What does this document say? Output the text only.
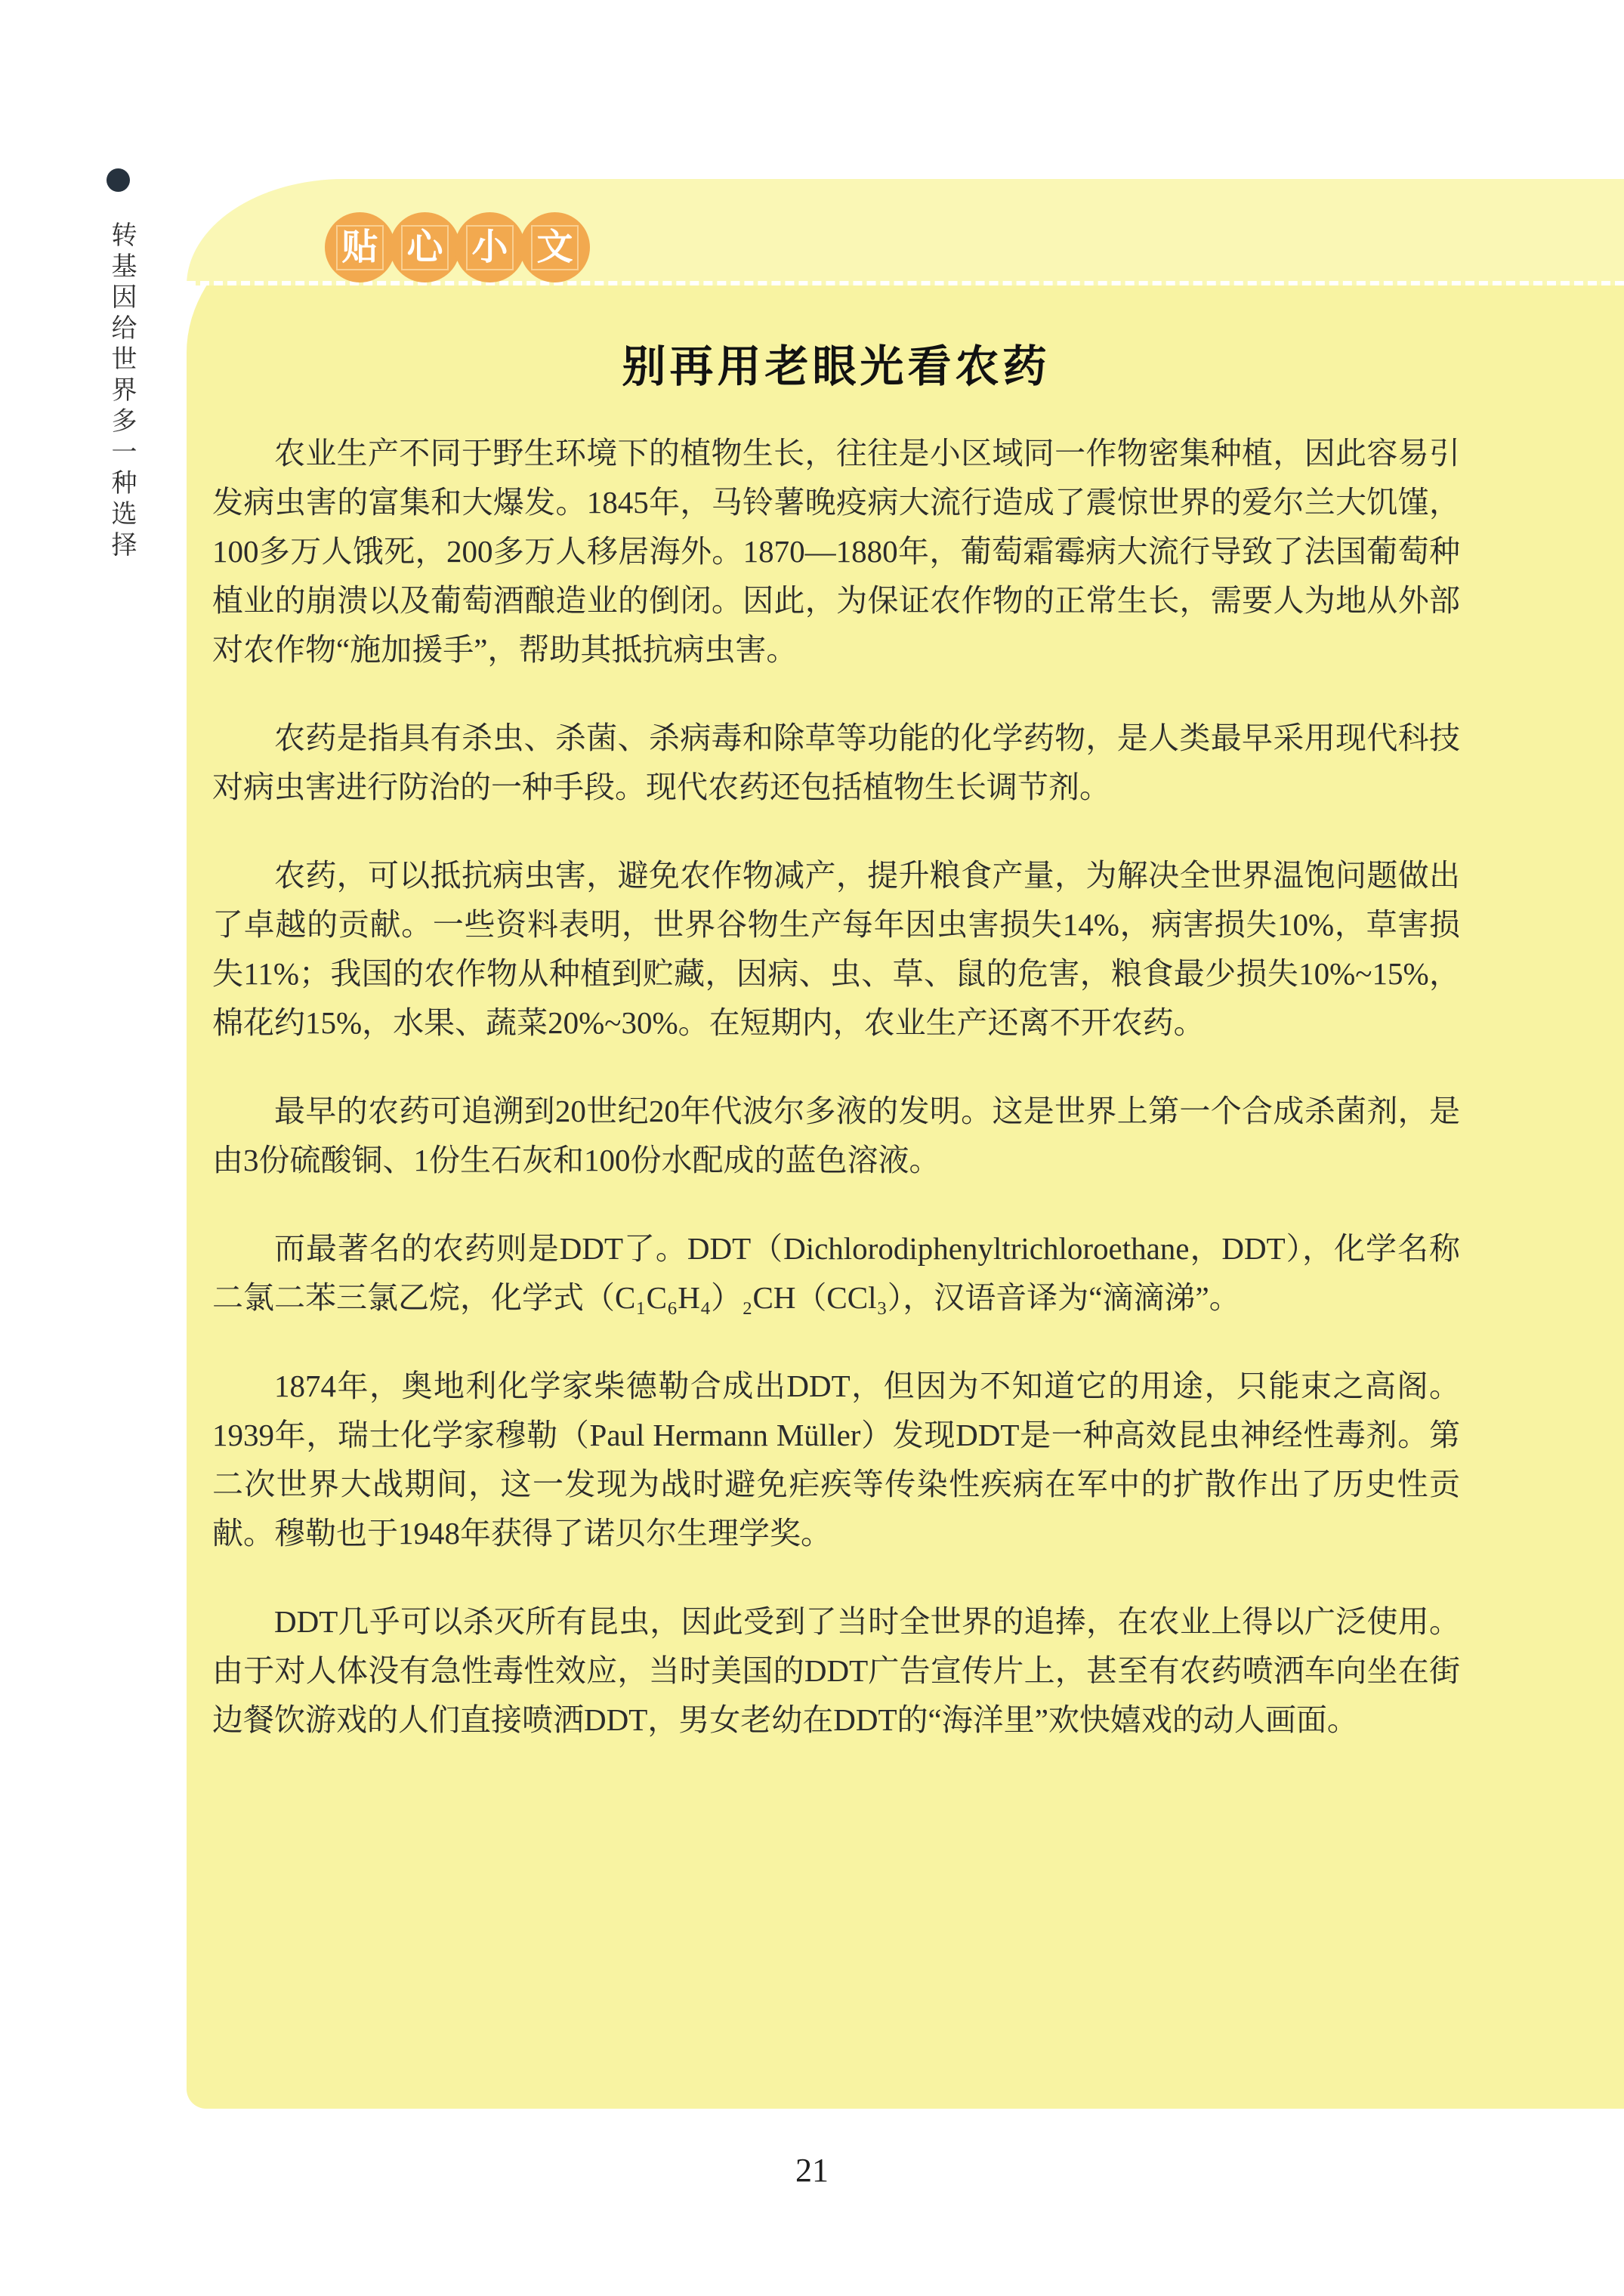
转基因给世界多一种选择	贴 心 小 文
别再用老眼光看农药

农业生产不同于野生环境下的植物生长，往往是小区域同一作物密集种植，因此容易引发病虫害的富集和大爆发。1845年，马铃薯晚疫病大流行造成了震惊世界的爱尔兰大饥馑，100多万人饿死，200多万人移居海外。1870—1880年，葡萄霜霉病大流行导致了法国葡萄种植业的崩溃以及葡萄酒酿造业的倒闭。因此，为保证农作物的正常生长，需要人为地从外部对农作物“施加援手”，帮助其抵抗病虫害。

农药是指具有杀虫、杀菌、杀病毒和除草等功能的化学药物，是人类最早采用现代科技对病虫害进行防治的一种手段。现代农药还包括植物生长调节剂。

农药，可以抵抗病虫害，避免农作物减产，提升粮食产量，为解决全世界温饱问题做出了卓越的贡献。一些资料表明，世界谷物生产每年因虫害损失14%，病害损失10%，草害损失11%；我国的农作物从种植到贮藏，因病、虫、草、鼠的危害，粮食最少损失10%~15%，棉花约15%，水果、蔬菜20%~30%。在短期内，农业生产还离不开农药。

最早的农药可追溯到20世纪20年代波尔多液的发明。这是世界上第一个合成杀菌剂，是由3份硫酸铜、1份生石灰和100份水配成的蓝色溶液。

而最著名的农药则是DDT了。DDT（Dichlorodiphenyltrichloroethane，DDT），化学名称二氯二苯三氯乙烷，化学式（C₁C₆H₄）₂CH（CCl₃），汉语音译为“滴滴涕”。

1874年，奥地利化学家柴德勒合成出DDT，但因为不知道它的用途，只能束之高阁。1939年，瑞士化学家穆勒（Paul Hermann Müller）发现DDT是一种高效昆虫神经性毒剂。第二次世界大战期间，这一发现为战时避免疟疾等传染性疾病在军中的扩散作出了历史性贡献。穆勒也于1948年获得了诺贝尔生理学奖。

DDT几乎可以杀灭所有昆虫，因此受到了当时全世界的追捧，在农业上得以广泛使用。由于对人体没有急性毒性效应，当时美国的DDT广告宣传片上，甚至有农药喷洒车向坐在街边餐饮游戏的人们直接喷洒DDT，男女老幼在DDT的“海洋里”欢快嬉戏的动人画面。

21
